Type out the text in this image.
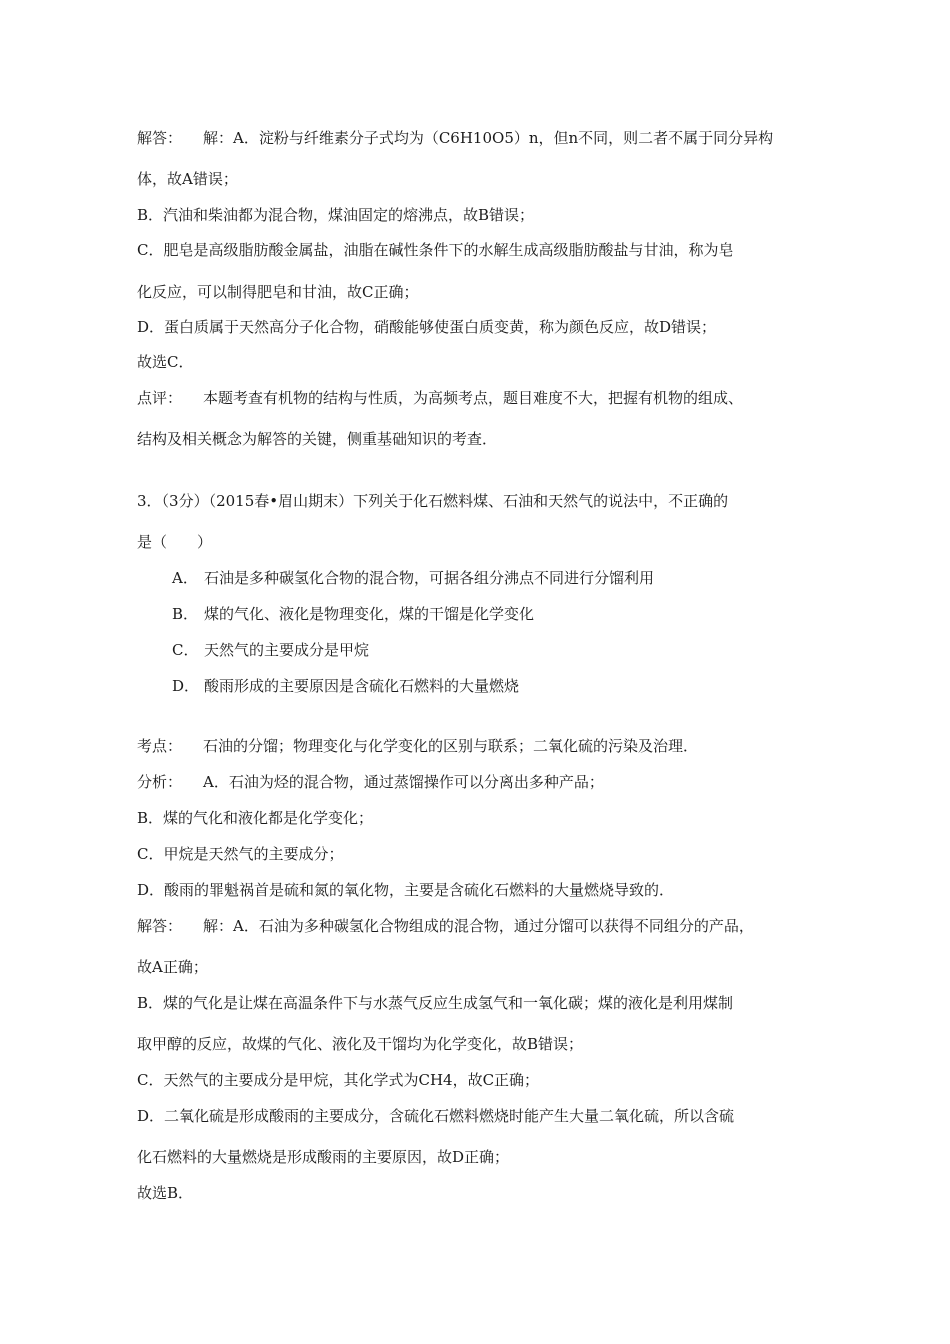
解答： 解：A．淀粉与纤维素分子式均为（C6H10O5）n，但n不同，则二者不属于同分异构
体，故A错误；
B．汽油和柴油都为混合物，煤油固定的熔沸点，故B错误；
C．肥皂是高级脂肪酸金属盐，油脂在碱性条件下的水解生成高级脂肪酸盐与甘油，称为皂
化反应，可以制得肥皂和甘油，故C正确；
D．蛋白质属于天然高分子化合物，硝酸能够使蛋白质变黄，称为颜色反应，故D错误；
故选C．
点评： 本题考查有机物的结构与性质，为高频考点，题目难度不大，把握有机物的组成、
结构及相关概念为解答的关键，侧重基础知识的考查．
3．（3分）（2015春•眉山期末）下列关于化石燃料煤、石油和天然气的说法中，不正确的
是（　　）
A． 石油是多种碳氢化合物的混合物，可据各组分沸点不同进行分馏利用
B． 煤的气化、液化是物理变化，煤的干馏是化学变化
C． 天然气的主要成分是甲烷
D． 酸雨形成的主要原因是含硫化石燃料的大量燃烧
考点： 石油的分馏；物理变化与化学变化的区别与联系；二氧化硫的污染及治理．
分析： A．石油为烃的混合物，通过蒸馏操作可以分离出多种产品；
B．煤的气化和液化都是化学变化；
C．甲烷是天然气的主要成分；
D．酸雨的罪魁祸首是硫和氮的氧化物，主要是含硫化石燃料的大量燃烧导致的．
解答： 解：A．石油为多种碳氢化合物组成的混合物，通过分馏可以获得不同组分的产品，
故A正确；
B．煤的气化是让煤在高温条件下与水蒸气反应生成氢气和一氧化碳；煤的液化是利用煤制
取甲醇的反应，故煤的气化、液化及干馏均为化学变化，故B错误；
C．天然气的主要成分是甲烷，其化学式为CH4，故C正确；
D．二氧化硫是形成酸雨的主要成分，含硫化石燃料燃烧时能产生大量二氧化硫，所以含硫
化石燃料的大量燃烧是形成酸雨的主要原因，故D正确；
故选B．
